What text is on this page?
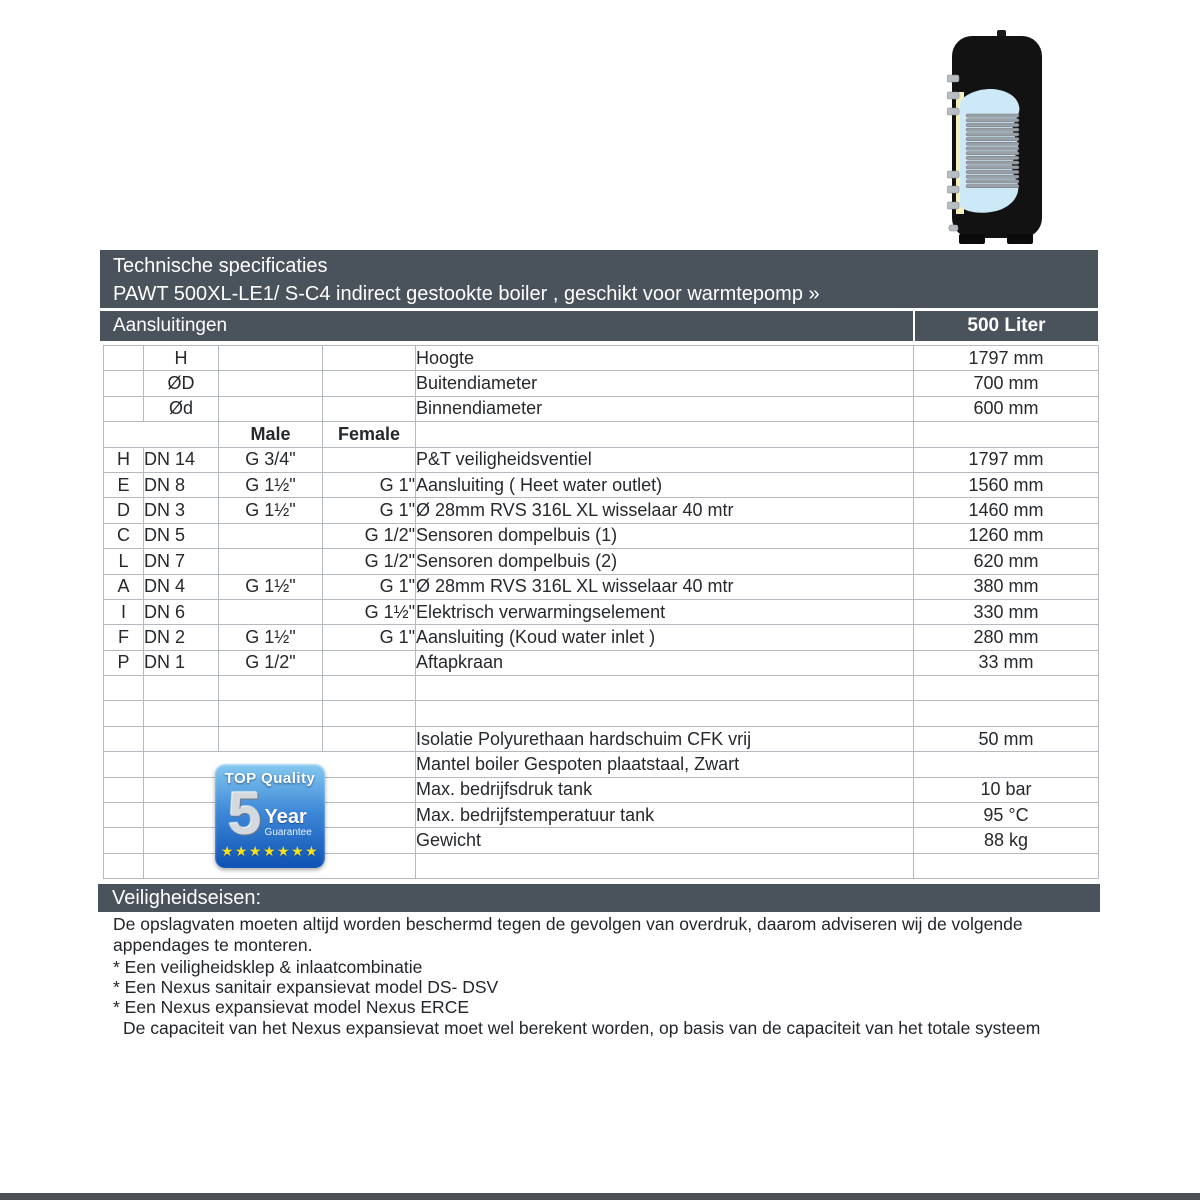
Technische specificaties
PAWT 500XL-LE1/ S-C4 indirect gestookte boiler , geschikt voor warmtepomp »
Aansluitingen	500 Liter
	H			Hoogte	1797 mm
	ØD			Buitendiameter	700 mm
	Ød			Binnendiameter	600 mm
		Male	Female		
H	DN 14	G 3/4"		P&T veiligheidsventiel	1797 mm
E	DN 8	G 1½"	G 1"	Aansluiting ( Heet water outlet)	1560 mm
D	DN 3	G 1½"	G 1"	Ø 28mm RVS 316L XL wisselaar 40 mtr	1460 mm
C	DN 5		G 1/2"	Sensoren dompelbuis (1)	1260 mm
L	DN 7		G 1/2"	Sensoren dompelbuis (2)	620 mm
A	DN 4	G 1½"	G 1"	Ø 28mm RVS 316L XL wisselaar 40 mtr	380 mm
I	DN 6		G 1½"	Elektrisch verwarmingselement	330 mm
F	DN 2	G 1½"	G 1"	Aansluiting (Koud water inlet )	280 mm
P	DN 1	G 1/2"		Aftapkraan	33 mm

				Isolatie Polyurethaan hardschuim CFK vrij	50 mm
				Mantel boiler Gespoten plaatstaal, Zwart	
				Max. bedrijfsdruk tank	10 bar
				Max. bedrijfstemperatuur tank	95 °C
				Gewicht	88 kg

TOP Quality
5 Year
Guarantee
★★★★★★★
Veiligheidseisen:

De opslagvaten moeten altijd worden beschermd tegen de gevolgen van overdruk, daarom adviseren wij de volgende appendages te monteren.

* Een veiligheidsklep & inlaatcombinatie
* Een Nexus sanitair expansievat model DS- DSV
* Een Nexus expansievat model Nexus ERCE
De capaciteit van het Nexus expansievat moet wel berekent worden, op basis van de capaciteit van het totale systeem
